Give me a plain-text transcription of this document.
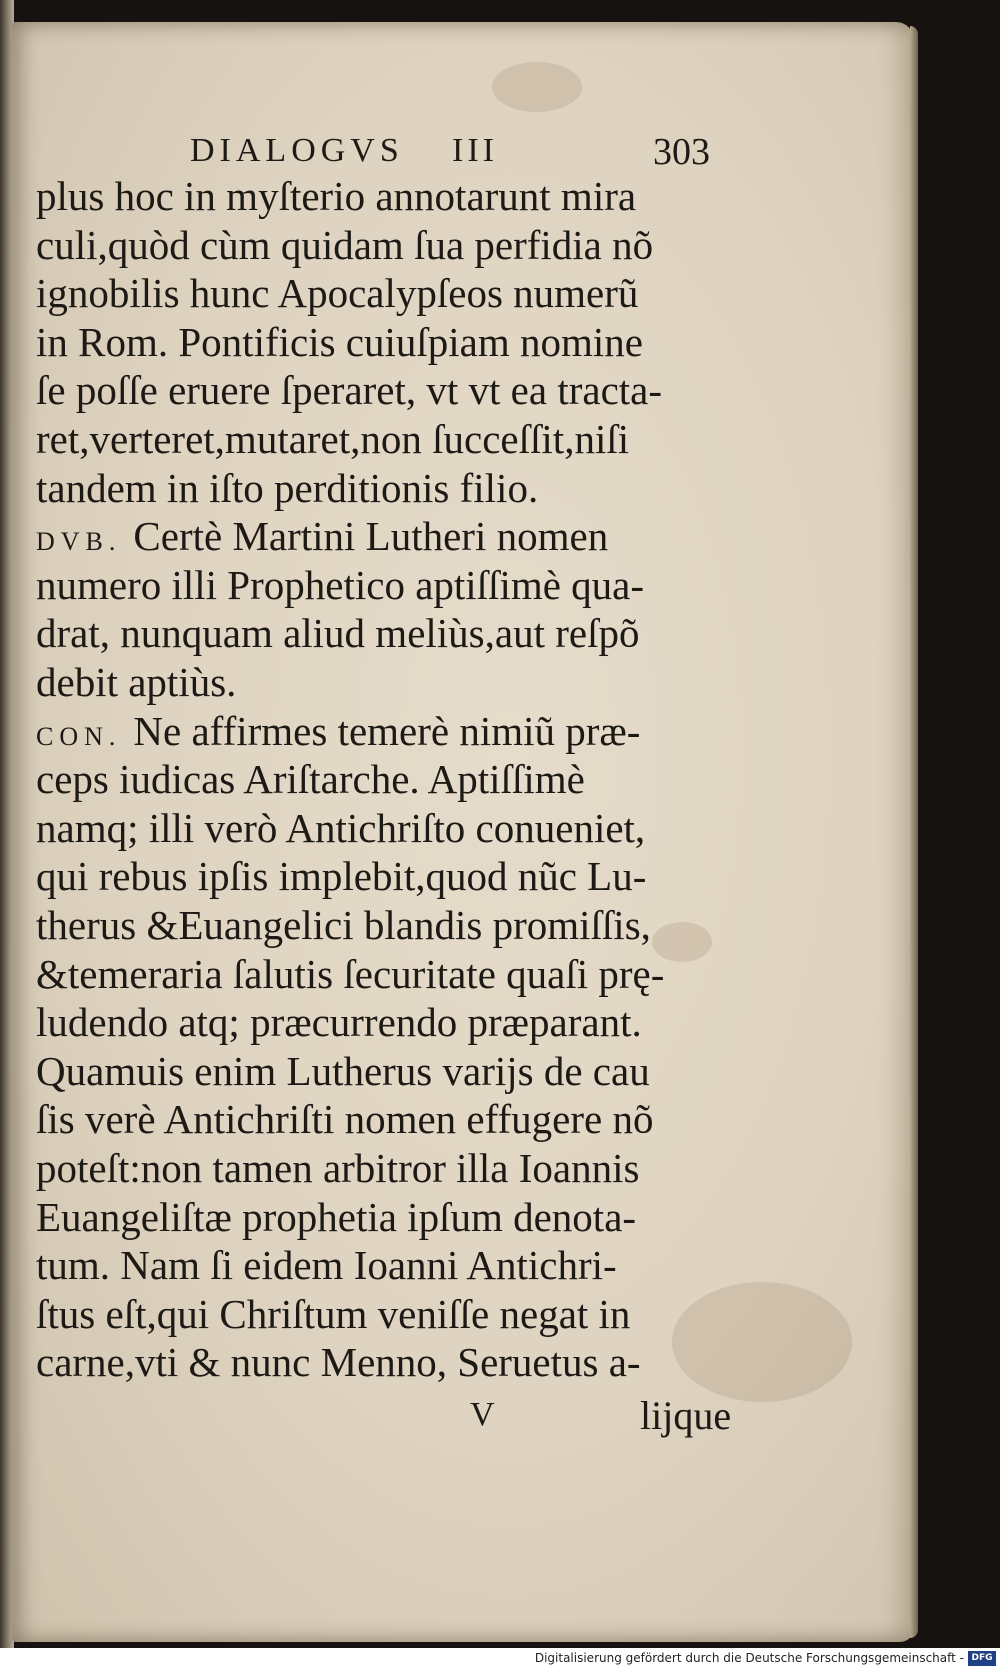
DIALOGVS III	303
plus hoc in myſterio annotarunt mira
culi,quòd cùm quidam ſua perfidia nõ
ignobilis hunc Apocalypſeos numerũ
in Rom. Pontificis cuiuſpiam nomine
ſe poſſe eruere ſperaret, vt vt ea tracta-
ret,verteret,mutaret,non ſucceſſit,niſi
tandem in iſto perditionis filio.
DVB. Certè Martini Lutheri nomen
numero illi Prophetico aptiſſimè qua-
drat, nunquam aliud meliùs,aut reſpõ
debit aptiùs.
CON. Ne affirmes temerè nimiũ præ-
ceps iudicas Ariſtarche. Aptiſſimè
namq; illi verò Antichriſto conueniet,
qui rebus ipſis implebit,quod nũc Lu-
therus &Euangelici blandis promiſſis,
&temeraria ſalutis ſecuritate quaſi prę-
ludendo atq; præcurrendo præparant.
Quamuis enim Lutherus varijs de cau
ſis verè Antichriſti nomen effugere nõ
poteſt:non tamen arbitror illa Ioannis
Euangeliſtæ prophetia ipſum denota-
tum. Nam ſi eidem Ioanni Antichri-
ſtus eſt,qui Chriſtum veniſſe negat in
carne,vti & nunc Menno, Seruetus a-
V	lijque
Digitalisierung gefördert durch die Deutsche Forschungsgemeinschaft - DFG
